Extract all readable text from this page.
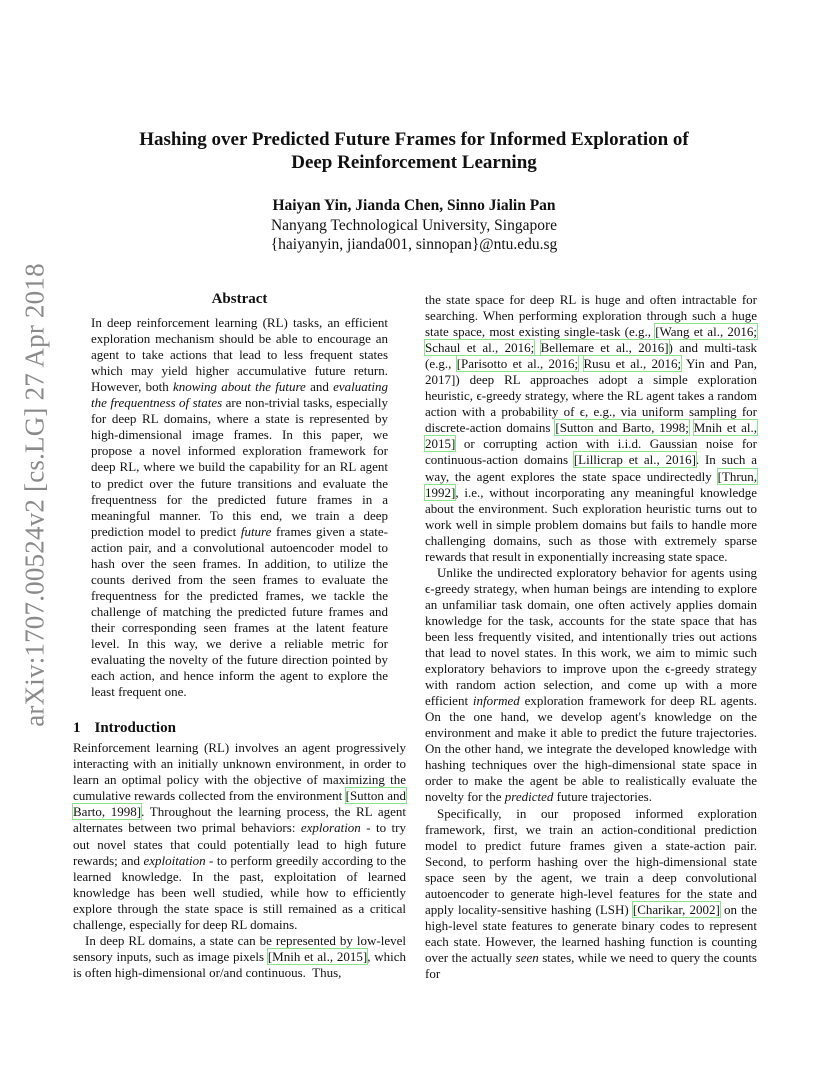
arXiv:1707.00524v2 [cs.LG] 27 Apr 2018
Hashing over Predicted Future Frames for Informed Exploration of
Deep Reinforcement Learning
Haiyan Yin, Jianda Chen, Sinno Jialin Pan
Nanyang Technological University, Singapore
{haiyanyin, jianda001, sinnopan}@ntu.edu.sg
Abstract

In deep reinforcement learning (RL) tasks, an efficient exploration mechanism should be able to encourage an agent to take actions that lead to less frequent states which may yield higher accumulative future return. However, both knowing about the future and evaluating the frequentness of states are non-trivial tasks, especially for deep RL domains, where a state is represented by high-dimensional image frames. In this paper, we propose a novel informed exploration framework for deep RL, where we build the capability for an RL agent to predict over the future transitions and evaluate the frequentness for the predicted future frames in a meaningful manner. To this end, we train a deep prediction model to predict future frames given a state-action pair, and a convolutional autoencoder model to hash over the seen frames. In addition, to utilize the counts derived from the seen frames to evaluate the frequentness for the predicted frames, we tackle the challenge of matching the predicted future frames and their corresponding seen frames at the latent feature level. In this way, we derive a reliable metric for evaluating the novelty of the future direction pointed by each action, and hence inform the agent to explore the least frequent one.

1 Introduction

Reinforcement learning (RL) involves an agent progressively interacting with an initially unknown environment, in order to learn an optimal policy with the objective of maximizing the cumulative rewards collected from the environment [Sutton and Barto, 1998]. Throughout the learning process, the RL agent alternates between two primal behaviors: exploration - to try out novel states that could potentially lead to high future rewards; and exploitation - to perform greedily according to the learned knowledge. In the past, exploitation of learned knowledge has been well studied, while how to efficiently explore through the state space is still remained as a critical challenge, especially for deep RL domains.

In deep RL domains, a state can be represented by low-level sensory inputs, such as image pixels [Mnih et al., 2015], which is often high-dimensional or/and continuous.  Thus,

the state space for deep RL is huge and often intractable for searching. When performing exploration through such a huge state space, most existing single-task (e.g., [Wang et al., 2016; Schaul et al., 2016; Bellemare et al., 2016]) and multi-task (e.g., [Parisotto et al., 2016; Rusu et al., 2016; Yin and Pan, 2017]) deep RL approaches adopt a simple exploration heuristic, ϵ-greedy strategy, where the RL agent takes a random action with a probability of ϵ, e.g., via uniform sampling for discrete-action domains [Sutton and Barto, 1998; Mnih et al., 2015] or corrupting action with i.i.d. Gaussian noise for continuous-action domains [Lillicrap et al., 2016]. In such a way, the agent explores the state space undirectedly [Thrun, 1992], i.e., without incorporating any meaningful knowledge about the environment. Such exploration heuristic turns out to work well in simple problem domains but fails to handle more challenging domains, such as those with extremely sparse rewards that result in exponentially increasing state space.

Unlike the undirected exploratory behavior for agents using ϵ-greedy strategy, when human beings are intending to explore an unfamiliar task domain, one often actively applies domain knowledge for the task, accounts for the state space that has been less frequently visited, and intentionally tries out actions that lead to novel states. In this work, we aim to mimic such exploratory behaviors to improve upon the ϵ-greedy strategy with random action selection, and come up with a more efficient informed exploration framework for deep RL agents. On the one hand, we develop agent's knowledge on the environment and make it able to predict the future trajectories. On the other hand, we integrate the developed knowledge with hashing techniques over the high-dimensional state space in order to make the agent be able to realistically evaluate the novelty for the predicted future trajectories.

Specifically, in our proposed informed exploration framework, first, we train an action-conditional prediction model to predict future frames given a state-action pair. Second, to perform hashing over the high-dimensional state space seen by the agent, we train a deep convolutional autoencoder to generate high-level features for the state and apply locality-sensitive hashing (LSH) [Charikar, 2002] on the high-level state features to generate binary codes to represent each state. However, the learned hashing function is counting over the actually seen states, while we need to query the counts for
